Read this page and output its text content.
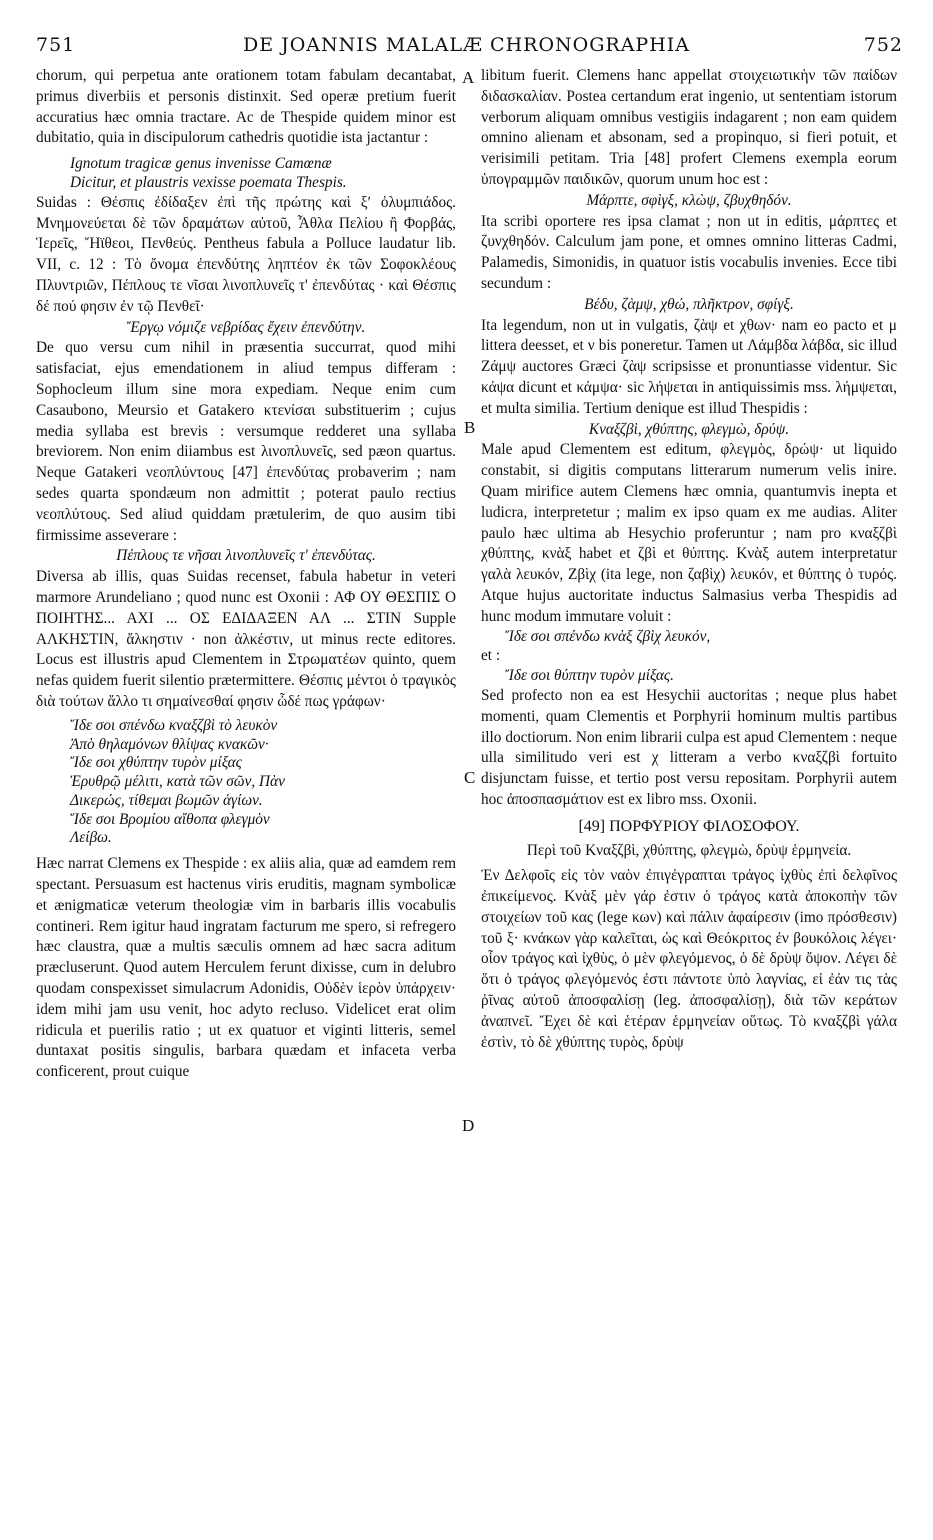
751	DE JOANNIS MALALÆ CHRONOGRAPHIA	752
A
B
C
D

chorum, qui perpetua ante orationem totam fabulam decantabat, primus diverbiis et personis distinxit. Sed operæ pretium fuerit accuratius hæc omnia tractare. Ac de Thespide quidem minor est dubitatio, quia in discipulorum cathedris quotidie ista jactantur :

Ignotum tragicæ genus invenisse Camœnæ

Dicitur, et plaustris vexisse poemata Thespis.

Suidas : Θέσπις ἐδίδαξεν ἐπὶ τῆς πρώτης καὶ ξʹ ὀλυμπιάδος. Μνημονεύεται δὲ τῶν δραμάτων αὐτοῦ, Ἆθλα Πελίου ἢ Φορβάς, Ἱερεῖς, Ἤϊθεοι, Πενθεύς. Pentheus fabula a Polluce laudatur lib. VII, c. 12 : Τὸ ὄνομα ἐπενδύτης ληπτέον ἐκ τῶν Σοφοκλέους Πλυντριῶν, Πέπλους τε νῖσαι λινοπλυνεῖς τ' ἐπενδύτας · καὶ Θέσπις δέ πού φησιν ἐν τῷ Πενθεῖ·

Ἔργῳ νόμιζε νεβρίδας ἔχειν ἐπενδύτην.

De quo versu cum nihil in præsentia succurrat, quod mihi satisfaciat, ejus emendationem in aliud tempus differam : Sophocleum illum sine mora expediam. Neque enim cum Casaubono, Meursio et Gatakero κτενίσαι substituerim ; cujus media syllaba est brevis : versumque redderet una syllaba breviorem. Non enim diiambus est λινοπλυνεῖς, sed pæon quartus. Neque Gatakeri νεοπλύντους [47] ἐπενδύτας probaverim ; nam sedes quarta spondæum non admittit ; poterat paulo rectius νεοπλύτους. Sed aliud quiddam prætulerim, de quo ausim tibi firmissime asseverare :

Πέπλους τε νῆσαι λινοπλυνεῖς τ' ἐπενδύτας.

Diversa ab illis, quas Suidas recenset, fabula habetur in veteri marmore Arundeliano ; quod nunc est Oxonii : ΑΦ ΟΥ ΘΕΣΠΙΣ Ο ΠΟΙΗΤΗΣ... ΑΧΙ ... ΟΣ ΕΔΙΔΑΞΕΝ ΑΛ ... ΣΤΙΝ Supple ΑΛΚΗΣΤΙΝ, ἄλκηστιν · non ἀλκέστιν, ut minus recte editores. Locus est illustris apud Clementem in Στρωματέων quinto, quem nefas quidem fuerit silentio prætermittere. Θέσπις μέντοι ὁ τραγικὸς διὰ τούτων ἄλλο τι σημαίνεσθαί φησιν ὧδέ πως γράφων·

Ἴδε σοι σπένδω κναξζβὶ τὸ λευκὸν

Ἀπὸ θηλαμόνων θλίψας κνακῶν·

Ἴδε σοι χθύπτην τυρὸν μίξας

Ἐρυθρῷ μέλιτι, κατὰ τῶν σῶν, Πὰν

Δικερώς, τίθεμαι βωμῶν ἁγίων.

Ἴδε σοι Βρομίου αἴθοπα φλεγμὸν

Λείβω.

Hæc narrat Clemens ex Thespide : ex aliis alia, quæ ad eamdem rem spectant. Persuasum est hactenus viris eruditis, magnam symbolicæ et ænigmaticæ veterum theologiæ vim in barbaris illis vocabulis contineri. Rem igitur haud ingratam facturum me spero, si refregero hæc claustra, quæ a multis sæculis omnem ad hæc sacra aditum præcluserunt. Quod autem Herculem ferunt dixisse, cum in delubro quodam conspexisset simulacrum Adonidis, Οὐδὲν ἱερὸν ὑπάρχειν· idem mihi jam usu venit, hoc adyto recluso. Videlicet erat olim ridicula et puerilis ratio ; ut ex quatuor et viginti litteris, semel duntaxat positis singulis, barbara quædam et infaceta verba conficerent, prout cuique

libitum fuerit. Clemens hanc appellat στοιχειωτικὴν τῶν παίδων διδασκαλίαν. Postea certandum erat ingenio, ut sententiam istorum verborum aliquam omnibus vestigiis indagarent ; non eam quidem omnino alienam et absonam, sed a propinquo, si fieri potuit, et verisimili petitam. Tria [48] profert Clemens exempla eorum ὑπογραμμῶν παιδικῶν, quorum unum hoc est :

Μάρπτε, σφὶγξ, κλὼψ, ζβυχθηδόν.

Ita scribi oportere res ipsa clamat ; non ut in editis, μάρπτες et ζυνχθηδόν. Calculum jam pone, et omnes omnino litteras Cadmi, Palamedis, Simonidis, in quatuor istis vocabulis invenies. Ecce tibi secundum :

Βέδυ, ζὰμψ, χθώ, πλῆκτρον, σφίγξ.

Ita legendum, non ut in vulgatis, ζὰψ et χθων· nam eo pacto et μ littera deesset, et ν bis poneretur. Tamen ut Λάμβδα λάβδα, sic illud Ζάμψ auctores Græci ζὰψ scripsisse et pronuntiasse videntur. Sic κάψα dicunt et κάμψα· sic λήψεται in antiquissimis mss. λήμψεται, et multa similia. Tertium denique est illud Thespidis :

Κναξζβὶ, χθύπτης, φλεγμὼ, δρύψ.

Male apud Clementem est editum, φλεγμὸς, δρώψ· ut liquido constabit, si digitis computans litterarum numerum velis inire. Quam mirifice autem Clemens hæc omnia, quantumvis inepta et ludicra, interpretetur ; malim ex ipso quam ex me audias. Aliter paulo hæc ultima ab Hesychio proferuntur ; nam pro κναξζβὶ χθύπτης, κνὰξ habet et ζβὶ et θύπτης. Κνὰξ autem interpretatur γαλὰ λευκόν, Ζβὶχ (ita lege, non ζαβὶχ) λευκόν, et θύπτης ὁ τυρός. Atque hujus auctoritate inductus Salmasius verba Thespidis ad hunc modum immutare voluit :

Ἴδε σοι σπένδω κνὰξ ζβὶχ λευκόν,

et :

Ἴδε σοι θύπτην τυρὸν μίξας.

Sed profecto non ea est Hesychii auctoritas ; neque plus habet momenti, quam Clementis et Porphyrii hominum multis partibus illo doctiorum. Non enim librarii culpa est apud Clementem : neque ulla similitudo veri est χ litteram a verbo κναξζβὶ fortuito disjunctam fuisse, et tertio post versu repositam. Porphyrii autem hoc ἀποσπασμάτιον est ex libro mss. Oxonii.

[49] ΠΟΡΦΥΡΙΟΥ ΦΙΛΟΣΟΦΟΥ.

Περὶ τοῦ Κναξζβὶ, χθύπτης, φλεγμὼ, δρὺψ ἑρμηνεία.

Ἐν Δελφοῖς εἰς τὸν ναὸν ἐπιγέγραπται τράγος ἰχθὺς ἐπὶ δελφῖνος ἐπικείμενος. Κνὰξ μὲν γάρ ἐστιν ὁ τράγος κατὰ ἀποκοπὴν τῶν στοιχείων τοῦ κας (lege κων) καὶ πάλιν ἀφαίρεσιν (imo πρόσθεσιν) τοῦ ξ· κνάκων γὰρ καλεῖται, ὡς καὶ Θεόκριτος ἐν βουκόλοις λέγει· οἷον τράγος καὶ ἰχθὺς, ὁ μὲν φλεγόμενος, ὁ δὲ δρὺψ ὄψον. Λέγει δὲ ὅτι ὁ τράγος φλεγόμενός ἐστι πάντοτε ὑπὸ λαγνίας, εἰ ἐάν τις τὰς ῥῖνας αὐτοῦ ἀποσφαλίσῃ (leg. ἀποσφαλίσῃ), διὰ τῶν κεράτων ἀναπνεῖ. Ἔχει δὲ καὶ ἑτέραν ἑρμηνείαν οὕτως. Τὸ κναξζβὶ γάλα ἐστὶν, τὸ δὲ χθύπτης τυρὸς, δρὺψ
